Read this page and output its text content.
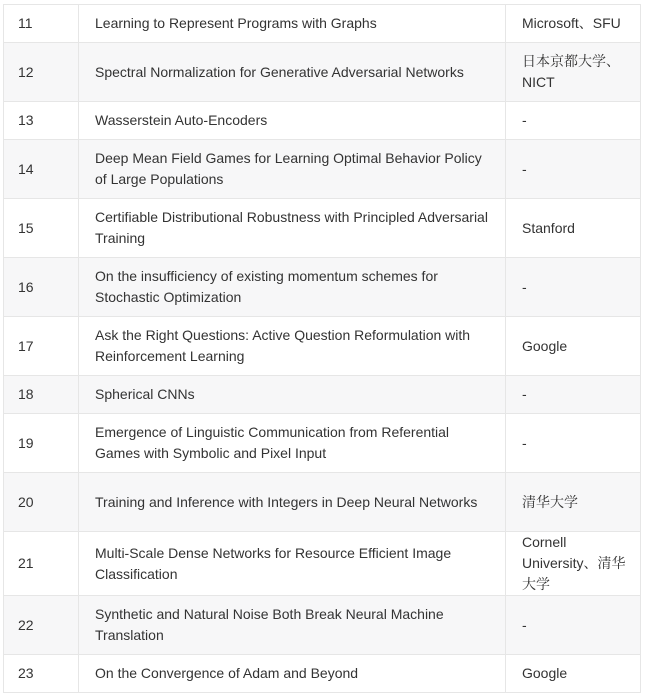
11	Learning to Represent Programs with Graphs	Microsoft、SFU
12	Spectral Normalization for Generative Adversarial Networks	日本京都大学、NICT
13	Wasserstein Auto-Encoders	-
14	Deep Mean Field Games for Learning Optimal Behavior Policy of Large Populations	-
15	Certifiable Distributional Robustness with Principled Adversarial Training	Stanford
16	On the insufficiency of existing momentum schemes for Stochastic Optimization	-
17	Ask the Right Questions: Active Question Reformulation with Reinforcement Learning	Google
18	Spherical CNNs	-
19	Emergence of Linguistic Communication from Referential Games with Symbolic and Pixel Input	-
20	Training and Inference with Integers in Deep Neural Networks	清华大学
21	Multi-Scale Dense Networks for Resource Efficient Image Classification	Cornell University、清华大学
22	Synthetic and Natural Noise Both Break Neural Machine Translation	-
23	On the Convergence of Adam and Beyond	Google
